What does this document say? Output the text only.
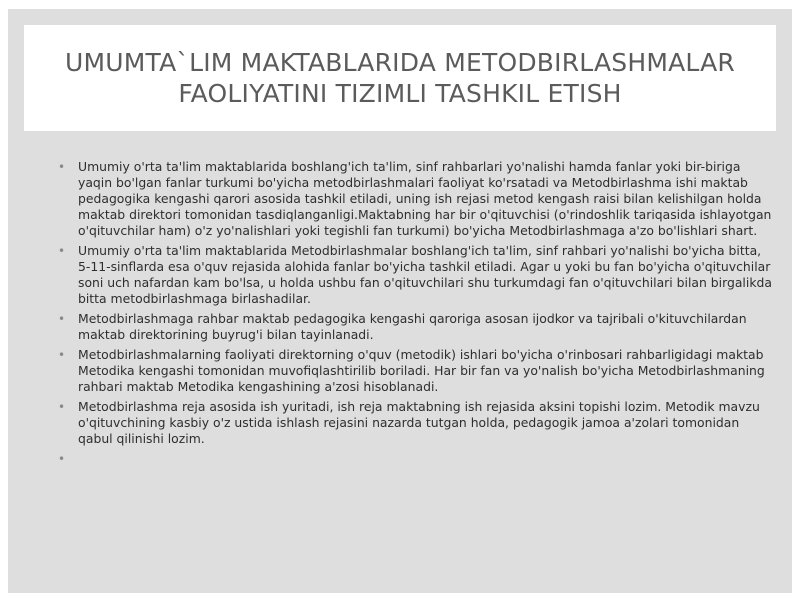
UMUMTA`LIM MAKTABLARIDA METODBIRLASHMALAR
FAOLIYATINI TIZIMLI TASHKIL ETISH
• Umumiy o'rta ta'lim maktablarida boshlang'ich ta'lim, sinf rahbarlari yo'nalishi hamda fanlar yoki bir-biriga yaqin bo'lgan fanlar turkumi bo'yicha metodbirlashmalari faoliyat ko'rsatadi va Metodbirlashma ishi maktab pedagogika kengashi qarori asosida tashkil etiladi, uning ish rejasi metod kengash raisi bilan kelishilgan holda maktab direktori tomonidan tasdiqlanganligi.Maktabning har bir o'qituvchisi (o'rindoshlik tariqasida ishlayotgan o'qituvchilar ham) o'z yo'nalishlari yoki tegishli fan turkumi) bo'yicha Metodbirlashmaga a'zo bo'lishlari shart.
• Umumiy o'rta ta'lim maktablarida Metodbirlashmalar boshlang'ich ta'lim, sinf rahbari yo'nalishi bo'yicha bitta, 5-11-sinflarda esa o'quv rejasida alohida fanlar bo'yicha tashkil etiladi. Agar u yoki bu fan bo'yicha o'qituvchilar soni uch nafardan kam bo'lsa, u holda ushbu fan o'qituvchilari shu turkumdagi fan o'qituvchilari bilan birgalikda bitta metodbirlashmaga birlashadilar.
• Metodbirlashmaga rahbar maktab pedagogika kengashi qaroriga asosan ijodkor va tajribali o'kituvchilardan maktab direktorining buyrug'i bilan tayinlanadi.
• Metodbirlashmalarning faoliyati direktorning o'quv (metodik) ishlari bo'yicha o'rinbosari rahbarligidagi maktab Metodika kengashi tomonidan muvofiqlashtirilib boriladi. Har bir fan va yo'nalish bo'yicha Metodbirlashmaning rahbari maktab Metodika kengashining a'zosi hisoblanadi.
• Metodbirlashma reja asosida ish yuritadi, ish reja maktabning ish rejasida aksini topishi lozim. Metodik mavzu o'qituvchining kasbiy o'z ustida ishlash rejasini nazarda tutgan holda, pedagogik jamoa a'zolari tomonidan qabul qilinishi lozim.
•
